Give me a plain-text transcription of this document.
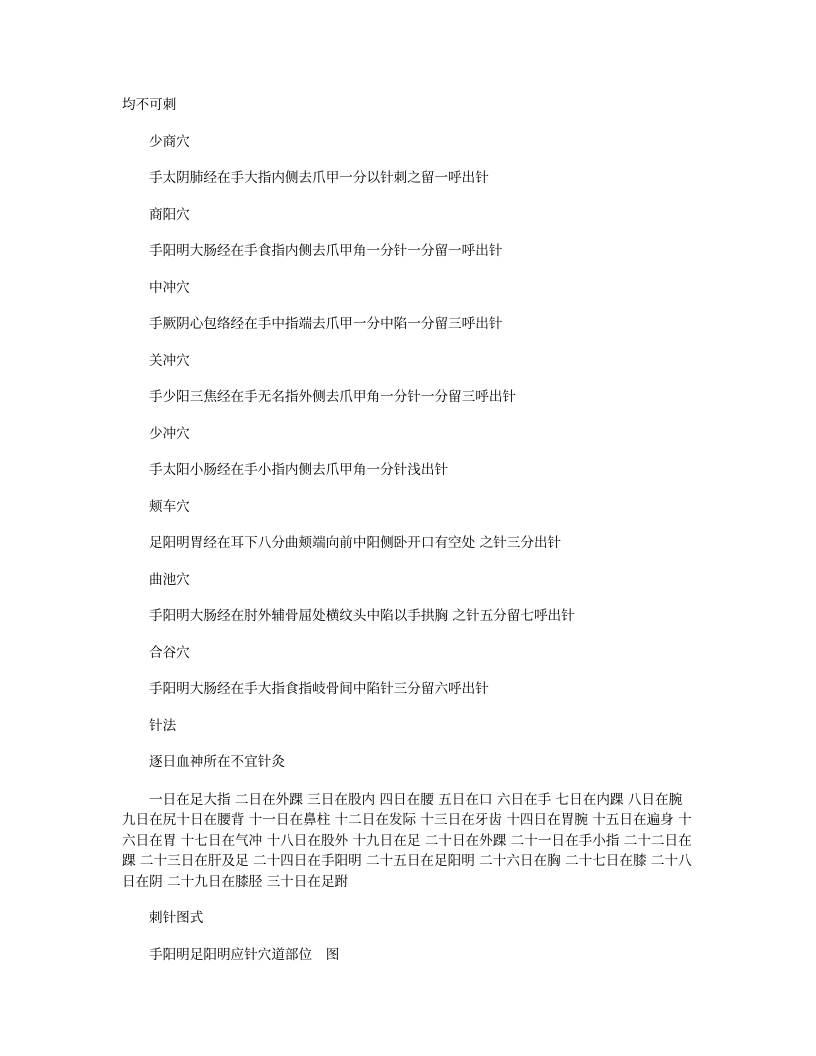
均不可刺

少商穴

手太阴肺经在手大指内侧去爪甲一分以针刺之留一呼出针

商阳穴

手阳明大肠经在手食指内侧去爪甲角一分针一分留一呼出针

中冲穴

手厥阴心包络经在手中指端去爪甲一分中陷一分留三呼出针

关冲穴

手少阳三焦经在手无名指外侧去爪甲角一分针一分留三呼出针

少冲穴

手太阳小肠经在手小指内侧去爪甲角一分针浅出针

颊车穴

足阳明胃经在耳下八分曲颊端向前中阳侧卧开口有空处 之针三分出针

曲池穴

手阳明大肠经在肘外辅骨屈处横纹头中陷以手拱胸 之针五分留七呼出针

合谷穴

手阳明大肠经在手大指食指岐骨间中陷针三分留六呼出针

针法

逐日血神所在不宜针灸

一日在足大指 二日在外踝 三日在股内 四日在腰 五日在口 六日在手 七日在内踝 八日在腕 九日在尻十日在腰背 十一日在鼻柱 十二日在发际 十三日在牙齿 十四日在胃腕 十五日在遍身 十六日在胃 十七日在气冲 十八日在股外 十九日在足 二十日在外踝 二十一日在手小指 二十二日在踝 二十三日在肝及足 二十四日在手阳明 二十五日在足阳明 二十六日在胸 二十七日在膝 二十八日在阴 二十九日在膝胫 三十日在足跗

刺针图式

手阳明足阳明应针穴道部位　图
